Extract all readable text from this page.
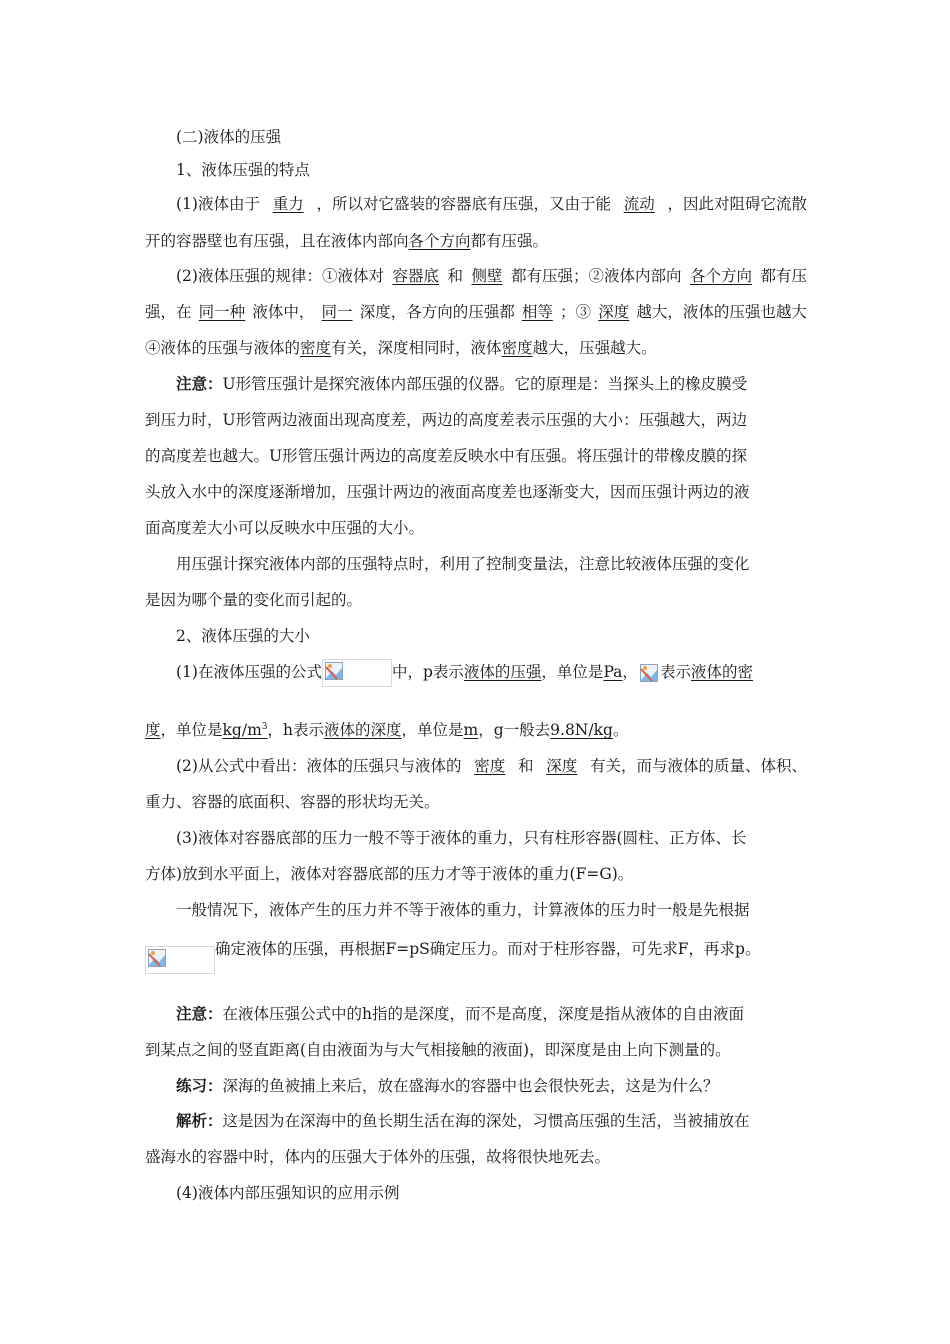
(二)液体的压强
1、液体压强的特点
(1)液体由于 重力 ，所以对它盛装的容器底有压强，又由于能 流动 ，因此对阻碍它流散
开的容器壁也有压强，且在液体内部向各个方向都有压强。
(2)液体压强的规律：①液体对 容器底 和 侧壁 都有压强；②液体内部向 各个方向 都有压
强，在 同一种 液体中， 同一 深度，各方向的压强都 相等 ；③ 深度 越大，液体的压强也越大
④液体的压强与液体的密度有关，深度相同时，液体密度越大，压强越大。
注意：U形管压强计是探究液体内部压强的仪器。它的原理是：当探头上的橡皮膜受
到压力时，U形管两边液面出现高度差，两边的高度差表示压强的大小：压强越大，两边
的高度差也越大。U形管压强计两边的高度差反映水中有压强。将压强计的带橡皮膜的探
头放入水中的深度逐渐增加，压强计两边的液面高度差也逐渐变大，因而压强计两边的液
面高度差大小可以反映水中压强的大小。
用压强计探究液体内部的压强特点时，利用了控制变量法，注意比较液体压强的变化
是因为哪个量的变化而引起的。
2、液体压强的大小
(1)在液体压强的公式	中，p表示液体的压强，单位是Pa， 表示液体的密
度，单位是$kg/m^3$，h表示液体的深度，单位是m，g一般去9.8N/kg。
(2)从公式中看出：液体的压强只与液体的 密度 和 深度 有关，而与液体的质量、体积、
重力、容器的底面积、容器的形状均无关。
(3)液体对容器底部的压力一般不等于液体的重力，只有柱形容器(圆柱、正方体、长
方体)放到水平面上，液体对容器底部的压力才等于液体的重力(F=G)。
一般情况下，液体产生的压力并不等于液体的重力，计算液体的压力时一般是先根据
确定液体的压强，再根据F=pS确定压力。而对于柱形容器，可先求F，再求p。
注意：在液体压强公式中的h指的是深度，而不是高度，深度是指从液体的自由液面
到某点之间的竖直距离(自由液面为与大气相接触的液面)，即深度是由上向下测量的。
练习：深海的鱼被捕上来后，放在盛海水的容器中也会很快死去，这是为什么？
解析：这是因为在深海中的鱼长期生活在海的深处，习惯高压强的生活，当被捕放在
盛海水的容器中时，体内的压强大于体外的压强，故将很快地死去。
(4)液体内部压强知识的应用示例
